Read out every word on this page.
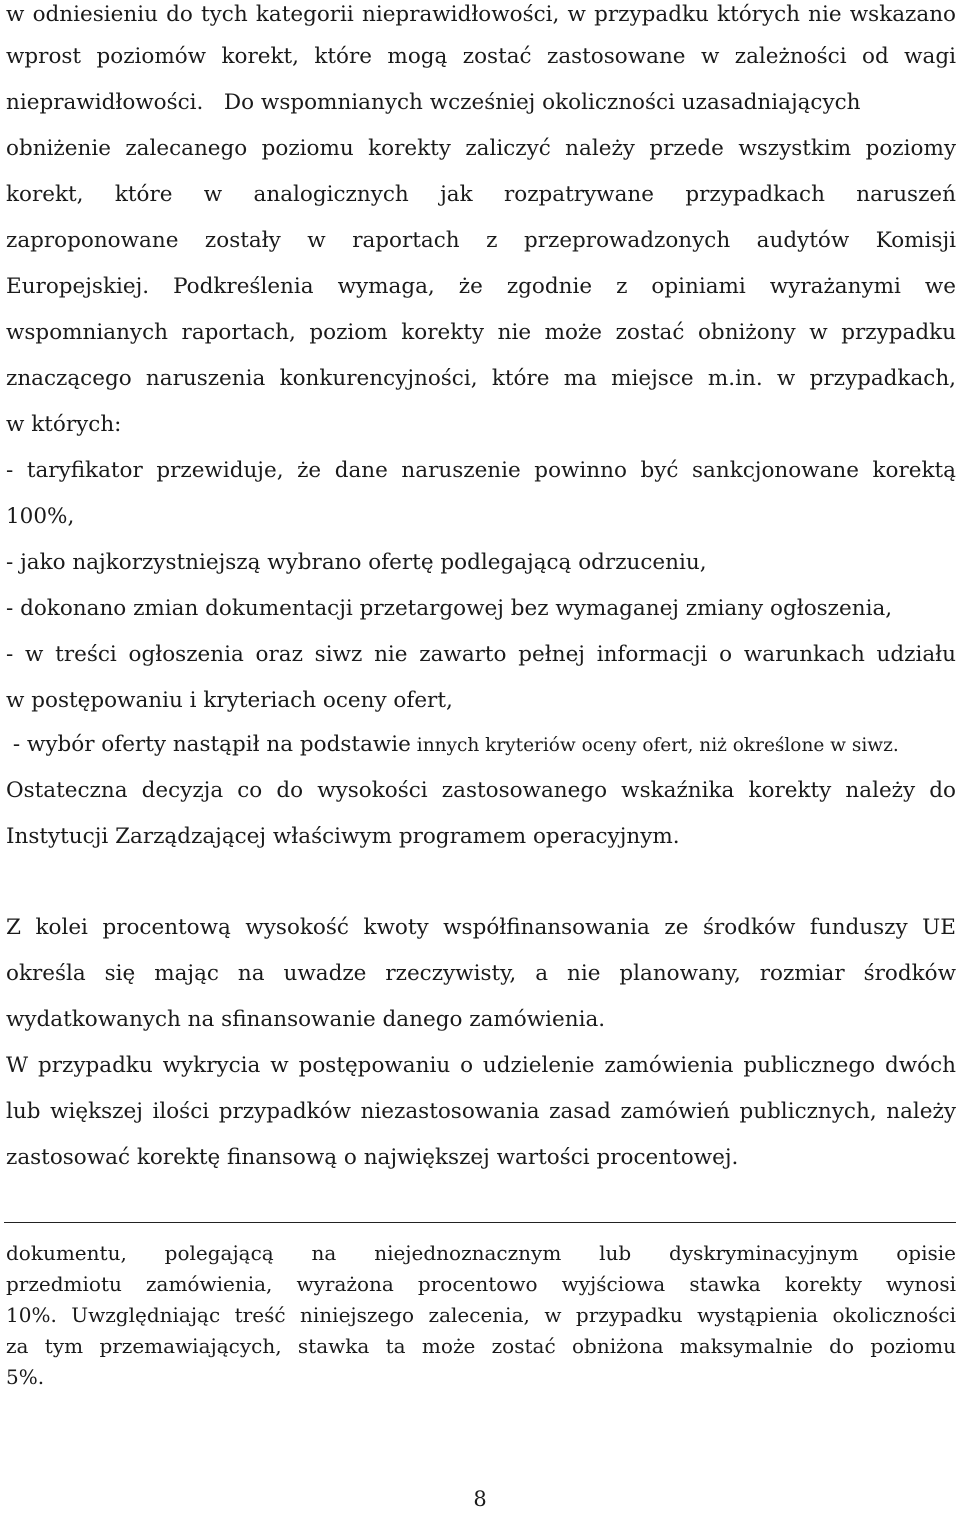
w odniesieniu do tych kategorii nieprawidłowości, w przypadku których nie wskazano
wprost poziomów korekt, które mogą zostać zastosowane w zależności od wagi
nieprawidłowości.   Do wspomnianych wcześniej okoliczności uzasadniających
obniżenie zalecanego poziomu korekty zaliczyć należy przede wszystkim poziomy
korekt, które w analogicznych jak rozpatrywane przypadkach naruszeń
zaproponowane zostały w raportach z przeprowadzonych audytów Komisji
Europejskiej. Podkreślenia wymaga, że zgodnie z opiniami wyrażanymi we
wspomnianych raportach, poziom korekty nie może zostać obniżony w przypadku
znaczącego naruszenia konkurencyjności, które ma miejsce m.in. w przypadkach,
w których:
- taryfikator przewiduje, że dane naruszenie powinno być sankcjonowane korektą
100%,
- jako najkorzystniejszą wybrano ofertę podlegającą odrzuceniu,
- dokonano zmian dokumentacji przetargowej bez wymaganej zmiany ogłoszenia,
- w treści ogłoszenia oraz siwz nie zawarto pełnej informacji o warunkach udziału
w postępowaniu i kryteriach oceny ofert,
- wybór oferty nastąpił na podstawie innych kryteriów oceny ofert, niż określone w siwz.
Ostateczna decyzja co do wysokości zastosowanego wskaźnika korekty należy do
Instytucji Zarządzającej właściwym programem operacyjnym.
Z kolei procentową wysokość kwoty współfinansowania ze środków funduszy UE
określa się mając na uwadze rzeczywisty, a nie planowany, rozmiar środków
wydatkowanych na sfinansowanie danego zamówienia.
W przypadku wykrycia w postępowaniu o udzielenie zamówienia publicznego dwóch
lub większej ilości przypadków niezastosowania zasad zamówień publicznych, należy
zastosować korektę finansową o największej wartości procentowej.
dokumentu, polegającą na niejednoznacznym lub dyskryminacyjnym opisie
przedmiotu zamówienia, wyrażona procentowo wyjściowa stawka korekty wynosi
10%. Uwzględniając treść niniejszego zalecenia, w przypadku wystąpienia okoliczności
za tym przemawiających, stawka ta może zostać obniżona maksymalnie do poziomu
5%.
8
